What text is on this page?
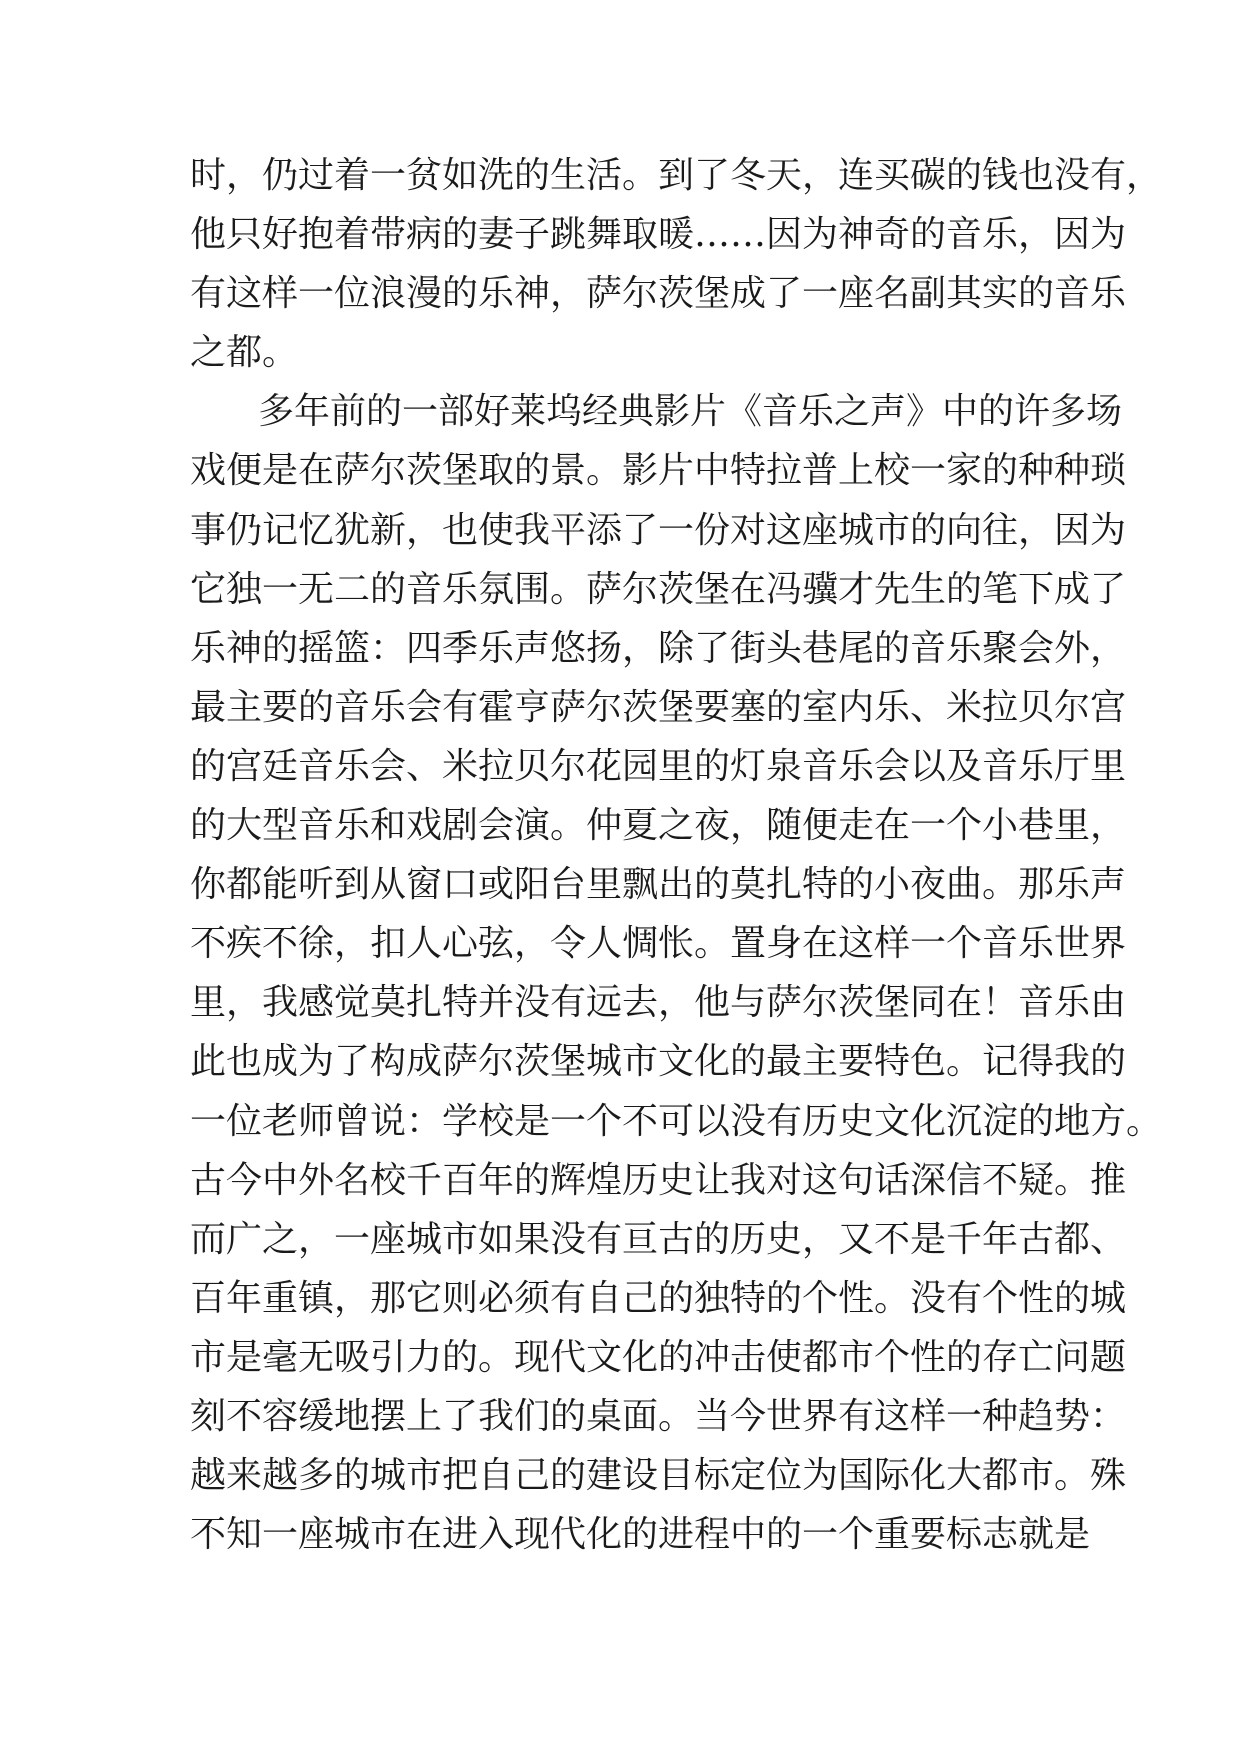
时，仍过着一贫如洗的生活。到了冬天，连买碳的钱也没有，
他只好抱着带病的妻子跳舞取暖……因为神奇的音乐，因为
有这样一位浪漫的乐神，萨尔茨堡成了一座名副其实的音乐
之都。
多年前的一部好莱坞经典影片《音乐之声》中的许多场
戏便是在萨尔茨堡取的景。影片中特拉普上校一家的种种琐
事仍记忆犹新，也使我平添了一份对这座城市的向往，因为
它独一无二的音乐氛围。萨尔茨堡在冯骥才先生的笔下成了
乐神的摇篮：四季乐声悠扬，除了街头巷尾的音乐聚会外，
最主要的音乐会有霍亨萨尔茨堡要塞的室内乐、米拉贝尔宫
的宫廷音乐会、米拉贝尔花园里的灯泉音乐会以及音乐厅里
的大型音乐和戏剧会演。仲夏之夜，随便走在一个小巷里，
你都能听到从窗口或阳台里飘出的莫扎特的小夜曲。那乐声
不疾不徐，扣人心弦，令人惆怅。置身在这样一个音乐世界
里，我感觉莫扎特并没有远去，他与萨尔茨堡同在！音乐由
此也成为了构成萨尔茨堡城市文化的最主要特色。记得我的
一位老师曾说：学校是一个不可以没有历史文化沉淀的地方。
古今中外名校千百年的辉煌历史让我对这句话深信不疑。推
而广之，一座城市如果没有亘古的历史，又不是千年古都、
百年重镇，那它则必须有自己的独特的个性。没有个性的城
市是毫无吸引力的。现代文化的冲击使都市个性的存亡问题
刻不容缓地摆上了我们的桌面。当今世界有这样一种趋势：
越来越多的城市把自己的建设目标定位为国际化大都市。殊
不知一座城市在进入现代化的进程中的一个重要标志就是
